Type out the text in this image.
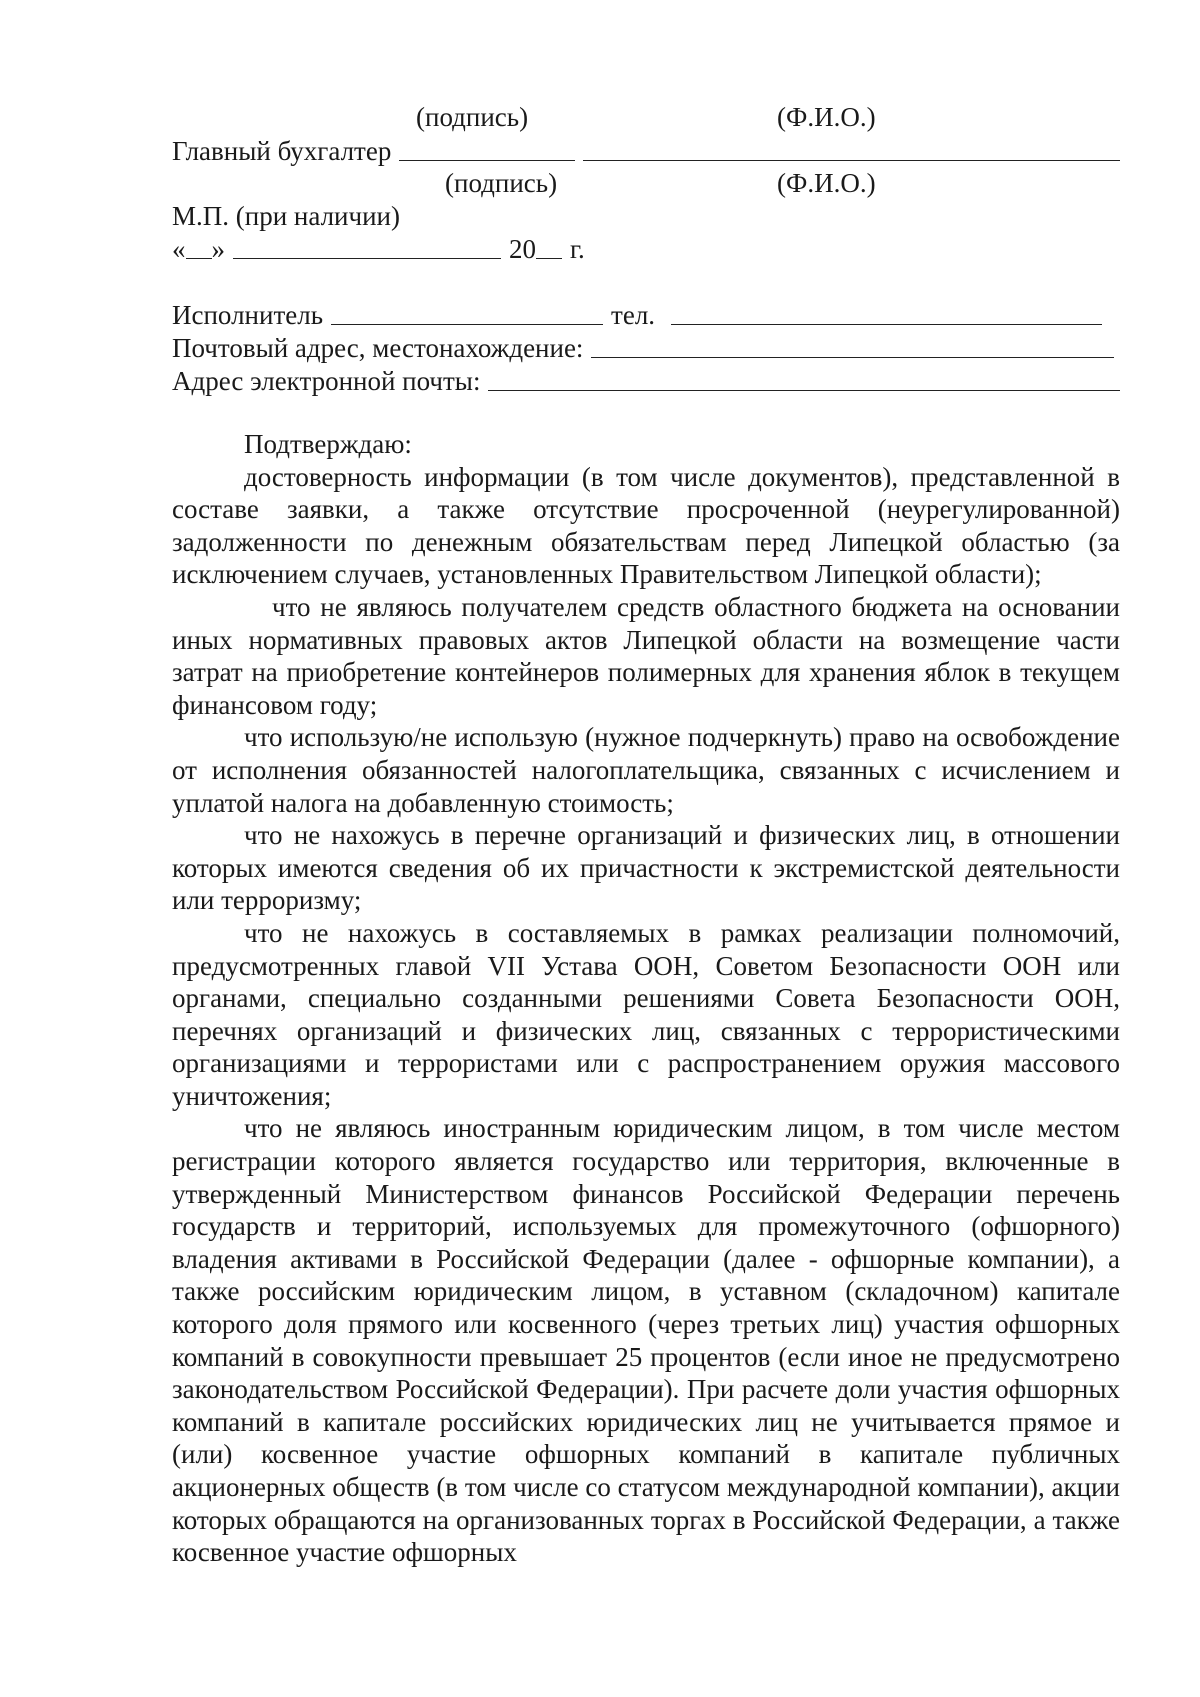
(подпись)	(Ф.И.О.)
Главный бухгалтер
(подпись)	(Ф.И.О.)
М.П. (при наличии)
« »	20 г.
Исполнитель	тел.
Почтовый адрес, местонахождение:
Адрес электронной почты:

Подтверждаю:

достоверность информации (в том числе документов), представленной в составе заявки, а также отсутствие просроченной (неурегулированной) задолженности по денежным обязательствам перед Липецкой областью (за исключением случаев, установленных Правительством Липецкой области);

что не являюсь получателем средств областного бюджета на основании иных нормативных правовых актов Липецкой области на возмещение части затрат на приобретение контейнеров полимерных для хранения яблок в текущем финансовом году;

что использую/не использую (нужное подчеркнуть) право на освобождение от исполнения обязанностей налогоплательщика, связанных с исчислением и уплатой налога на добавленную стоимость;

что не нахожусь в перечне организаций и физических лиц, в отношении которых имеются сведения об их причастности к экстремистской деятельности или терроризму;

что не нахожусь в составляемых в рамках реализации полномочий, предусмотренных главой VII Устава ООН, Советом Безопасности ООН или органами, специально созданными решениями Совета Безопасности ООН, перечнях организаций и физических лиц, связанных с террористическими организациями и террористами или с распространением оружия массового уничтожения;

что не являюсь иностранным юридическим лицом, в том числе местом регистрации которого является государство или территория, включенные в утвержденный Министерством финансов Российской Федерации перечень государств и территорий, используемых для промежуточного (офшорного) владения активами в Российской Федерации (далее - офшорные компании), а также российским юридическим лицом, в уставном (складочном) капитале которого доля прямого или косвенного (через третьих лиц) участия офшорных компаний в совокупности превышает 25 процентов (если иное не предусмотрено законодательством Российской Федерации). При расчете доли участия офшорных компаний в капитале российских юридических лиц не учитывается прямое и (или) косвенное участие офшорных компаний в капитале публичных акционерных обществ (в том числе со статусом международной компании), акции которых обращаются на организованных торгах в Российской Федерации, а также косвенное участие офшорных
